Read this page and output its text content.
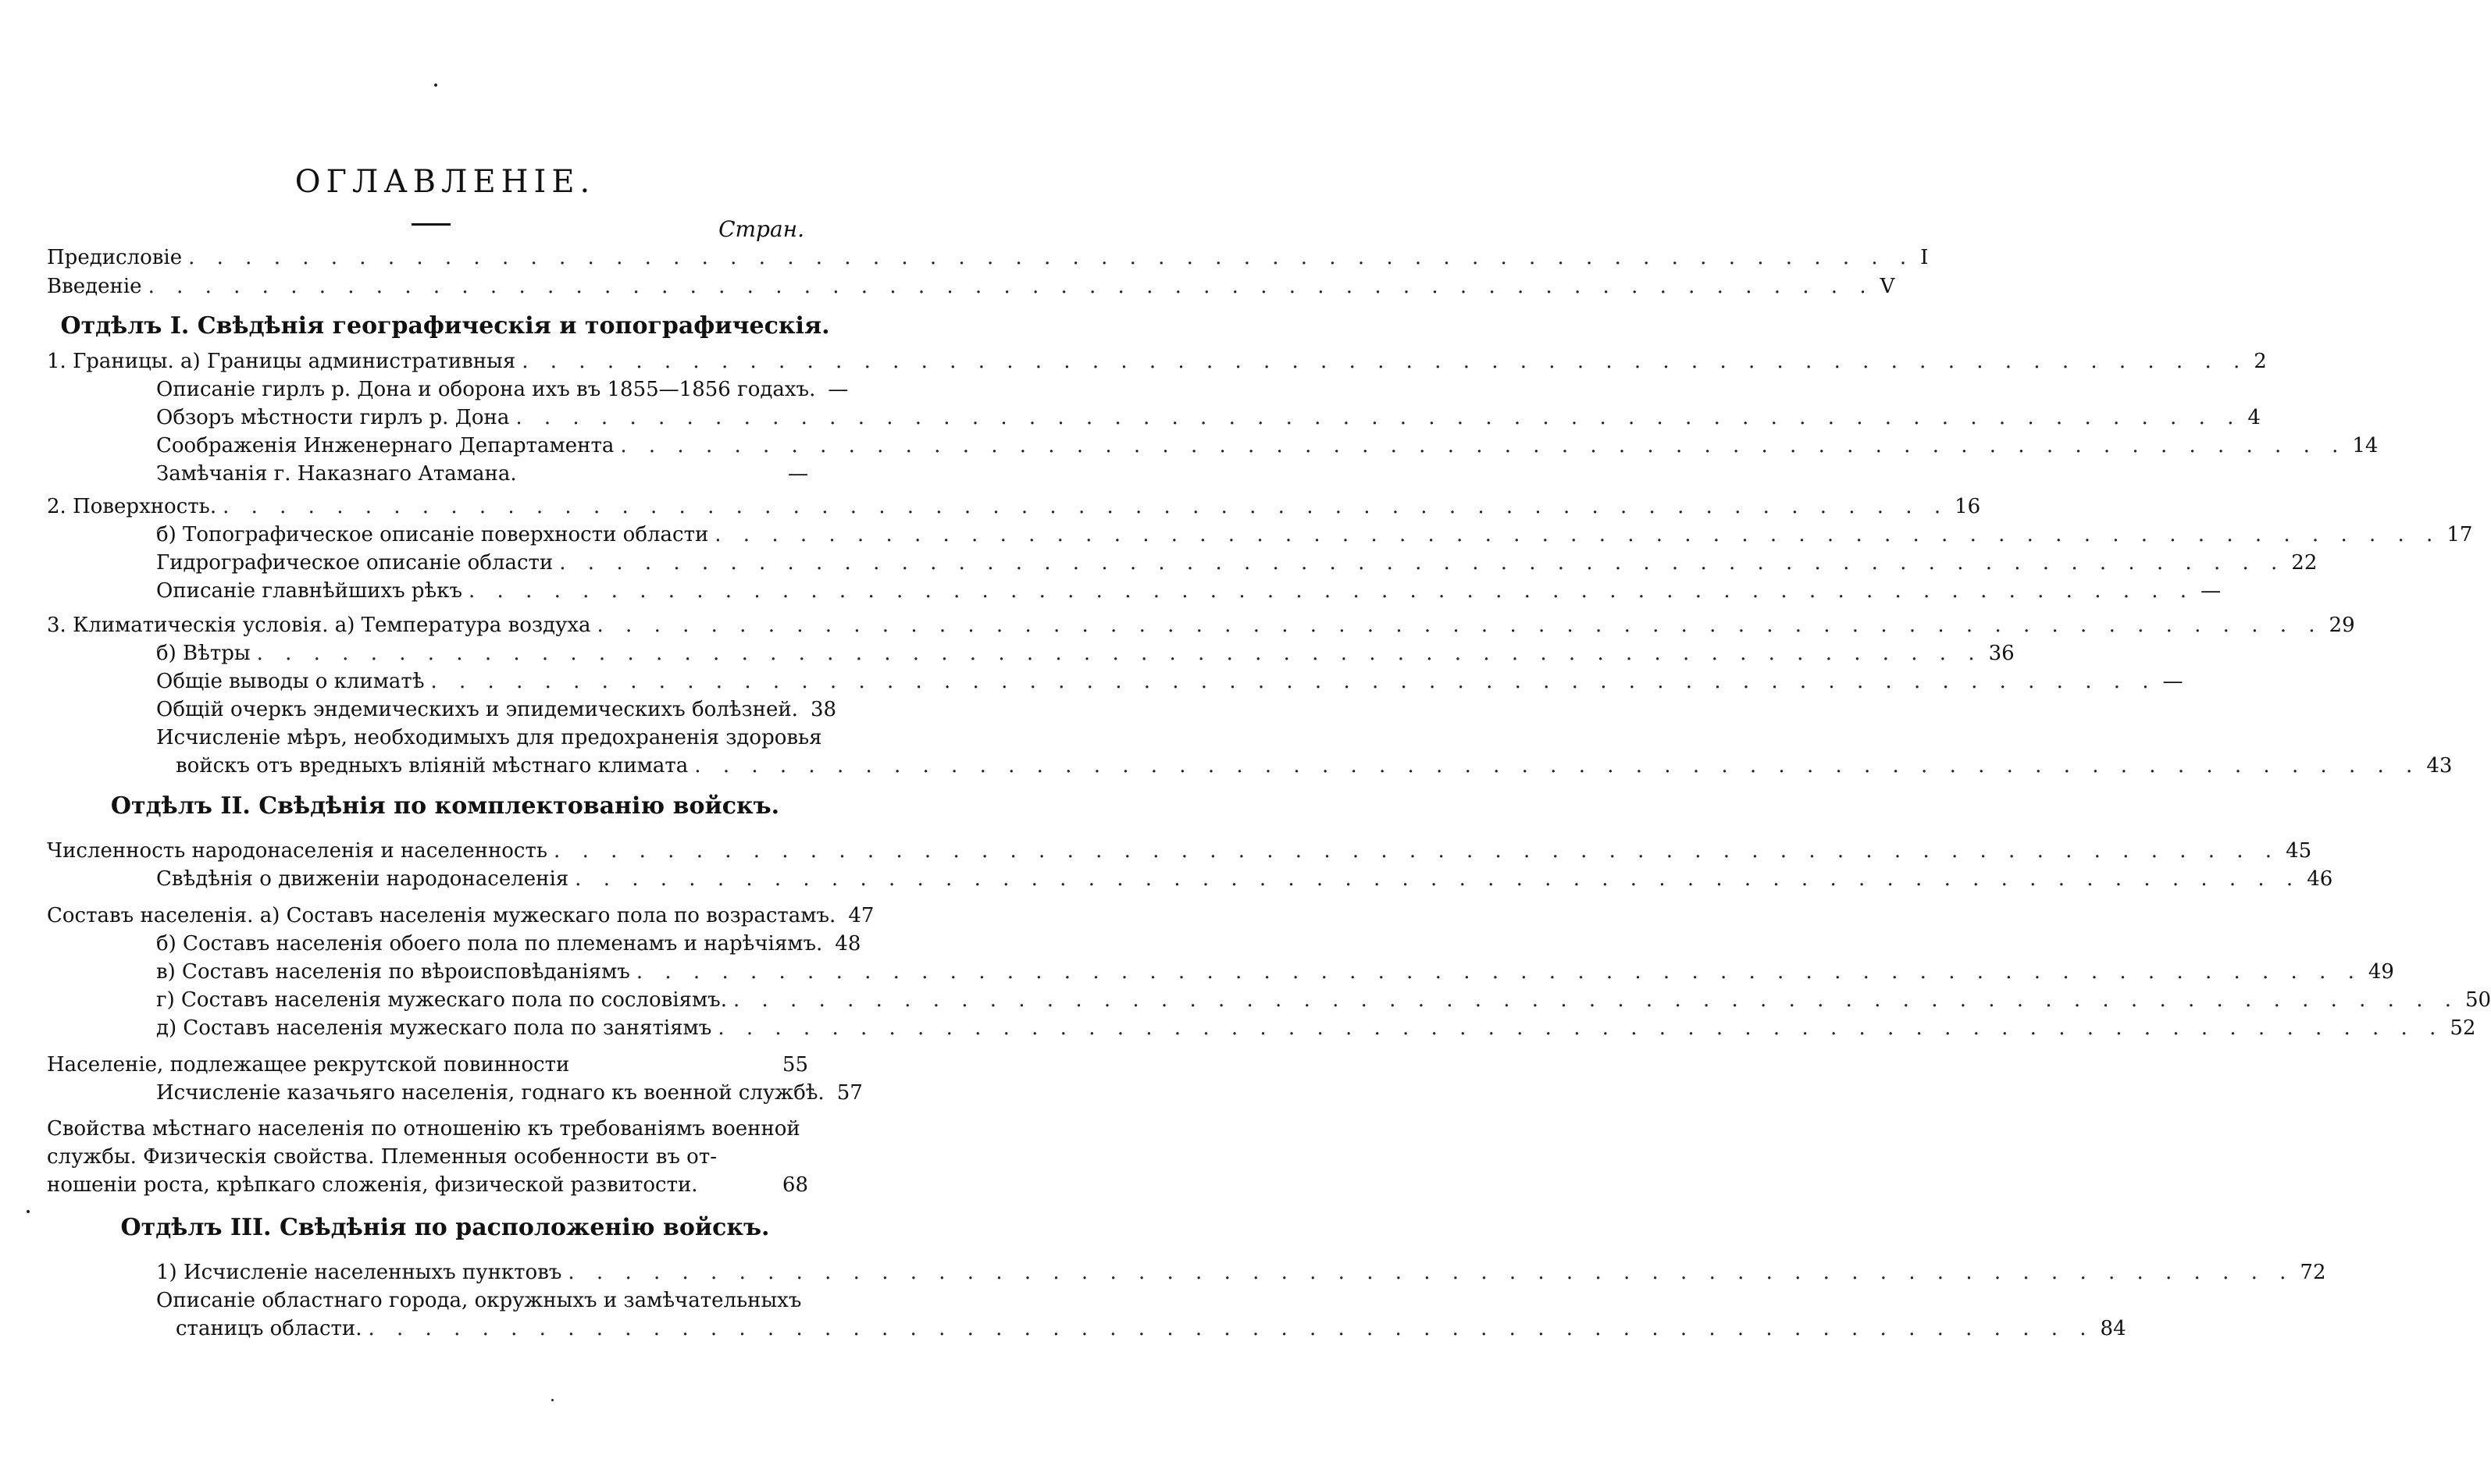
ОГЛАВЛЕНІЕ.
Стран.
Предисловіе . . . . . . . . . . . . . . . . . . . . . . . . . . . . . . . . . . . . . . . . . . . . . . . . . . . . . . . . . . . . . I
Введеніе . . . . . . . . . . . . . . . . . . . . . . . . . . . . . . . . . . . . . . . . . . . . . . . . . . . . . . . . . . . . . V
Отдѣлъ I. Свѣдѣнія географическія и топографическія.
1. Границы. а) Границы административныя . . . . . . . . . . . . . . . . . . . . . . . . . . . . . . . . . . . . . . . . . . . . . . . . . . . . . . . . . . . . . 2
Описаніе гирлъ р. Дона и оборона ихъ въ 1855—1856 годахъ. —
Обзоръ мѣстности гирлъ р. Дона . . . . . . . . . . . . . . . . . . . . . . . . . . . . . . . . . . . . . . . . . . . . . . . . . . . . . . . . . . . . . 4
Соображенія Инженернаго Департамента . . . . . . . . . . . . . . . . . . . . . . . . . . . . . . . . . . . . . . . . . . . . . . . . . . . . . . . . . . . . . 14
Замѣчанія г. Наказнаго Атамана.	—
2. Поверхность. . . . . . . . . . . . . . . . . . . . . . . . . . . . . . . . . . . . . . . . . . . . . . . . . . . . . . . . . . . . . . 16
б) Топографическое описаніе поверхности области . . . . . . . . . . . . . . . . . . . . . . . . . . . . . . . . . . . . . . . . . . . . . . . . . . . . . . . . . . . . . 17
Гидрографическое описаніе области . . . . . . . . . . . . . . . . . . . . . . . . . . . . . . . . . . . . . . . . . . . . . . . . . . . . . . . . . . . . . 22
Описаніе главнѣйшихъ рѣкъ . . . . . . . . . . . . . . . . . . . . . . . . . . . . . . . . . . . . . . . . . . . . . . . . . . . . . . . . . . . . . —
3. Климатическія условія. а) Температура воздуха . . . . . . . . . . . . . . . . . . . . . . . . . . . . . . . . . . . . . . . . . . . . . . . . . . . . . . . . . . . . . 29
б) Вѣтры . . . . . . . . . . . . . . . . . . . . . . . . . . . . . . . . . . . . . . . . . . . . . . . . . . . . . . . . . . . . . 36
Общіе выводы о климатѣ . . . . . . . . . . . . . . . . . . . . . . . . . . . . . . . . . . . . . . . . . . . . . . . . . . . . . . . . . . . . . —
Общій очеркъ эндемическихъ и эпидемическихъ болѣзней. 38
Исчисленіе мѣръ, необходимыхъ для предохраненія здоровья
войскъ отъ вредныхъ вліяній мѣстнаго климата . . . . . . . . . . . . . . . . . . . . . . . . . . . . . . . . . . . . . . . . . . . . . . . . . . . . . . . . . . . . . 43
Отдѣлъ II. Свѣдѣнія по комплектованію войскъ.
Численность народонаселенія и населенность . . . . . . . . . . . . . . . . . . . . . . . . . . . . . . . . . . . . . . . . . . . . . . . . . . . . . . . . . . . . . 45
Свѣдѣнія о движеніи народонаселенія . . . . . . . . . . . . . . . . . . . . . . . . . . . . . . . . . . . . . . . . . . . . . . . . . . . . . . . . . . . . . 46
Составъ населенія. а) Составъ населенія мужескаго пола по возрастамъ. 47
б) Составъ населенія обоего пола по племенамъ и нарѣчіямъ. 48
в) Составъ населенія по вѣроисповѣданіямъ . . . . . . . . . . . . . . . . . . . . . . . . . . . . . . . . . . . . . . . . . . . . . . . . . . . . . . . . . . . . . 49
г) Составъ населенія мужескаго пола по сословіямъ. . . . . . . . . . . . . . . . . . . . . . . . . . . . . . . . . . . . . . . . . . . . . . . . . . . . . . . . . . . . . . 50
д) Составъ населенія мужескаго пола по занятіямъ . . . . . . . . . . . . . . . . . . . . . . . . . . . . . . . . . . . . . . . . . . . . . . . . . . . . . . . . . . . . . 52
Населеніе, подлежащее рекрутской повинности	55
Исчисленіе казачьяго населенія, годнаго къ военной службѣ. 57
Свойства мѣстнаго населенія по отношенію къ требованіямъ военной
службы. Физическія свойства. Племенныя особенности въ от-
ношеніи роста, крѣпкаго сложенія, физической развитости.	68
Отдѣлъ III. Свѣдѣнія по расположенію войскъ.
1) Исчисленіе населенныхъ пунктовъ . . . . . . . . . . . . . . . . . . . . . . . . . . . . . . . . . . . . . . . . . . . . . . . . . . . . . . . . . . . . . 72
Описаніе областнаго города, окружныхъ и замѣчательныхъ
станицъ области. . . . . . . . . . . . . . . . . . . . . . . . . . . . . . . . . . . . . . . . . . . . . . . . . . . . . . . . . . . . . . 84
